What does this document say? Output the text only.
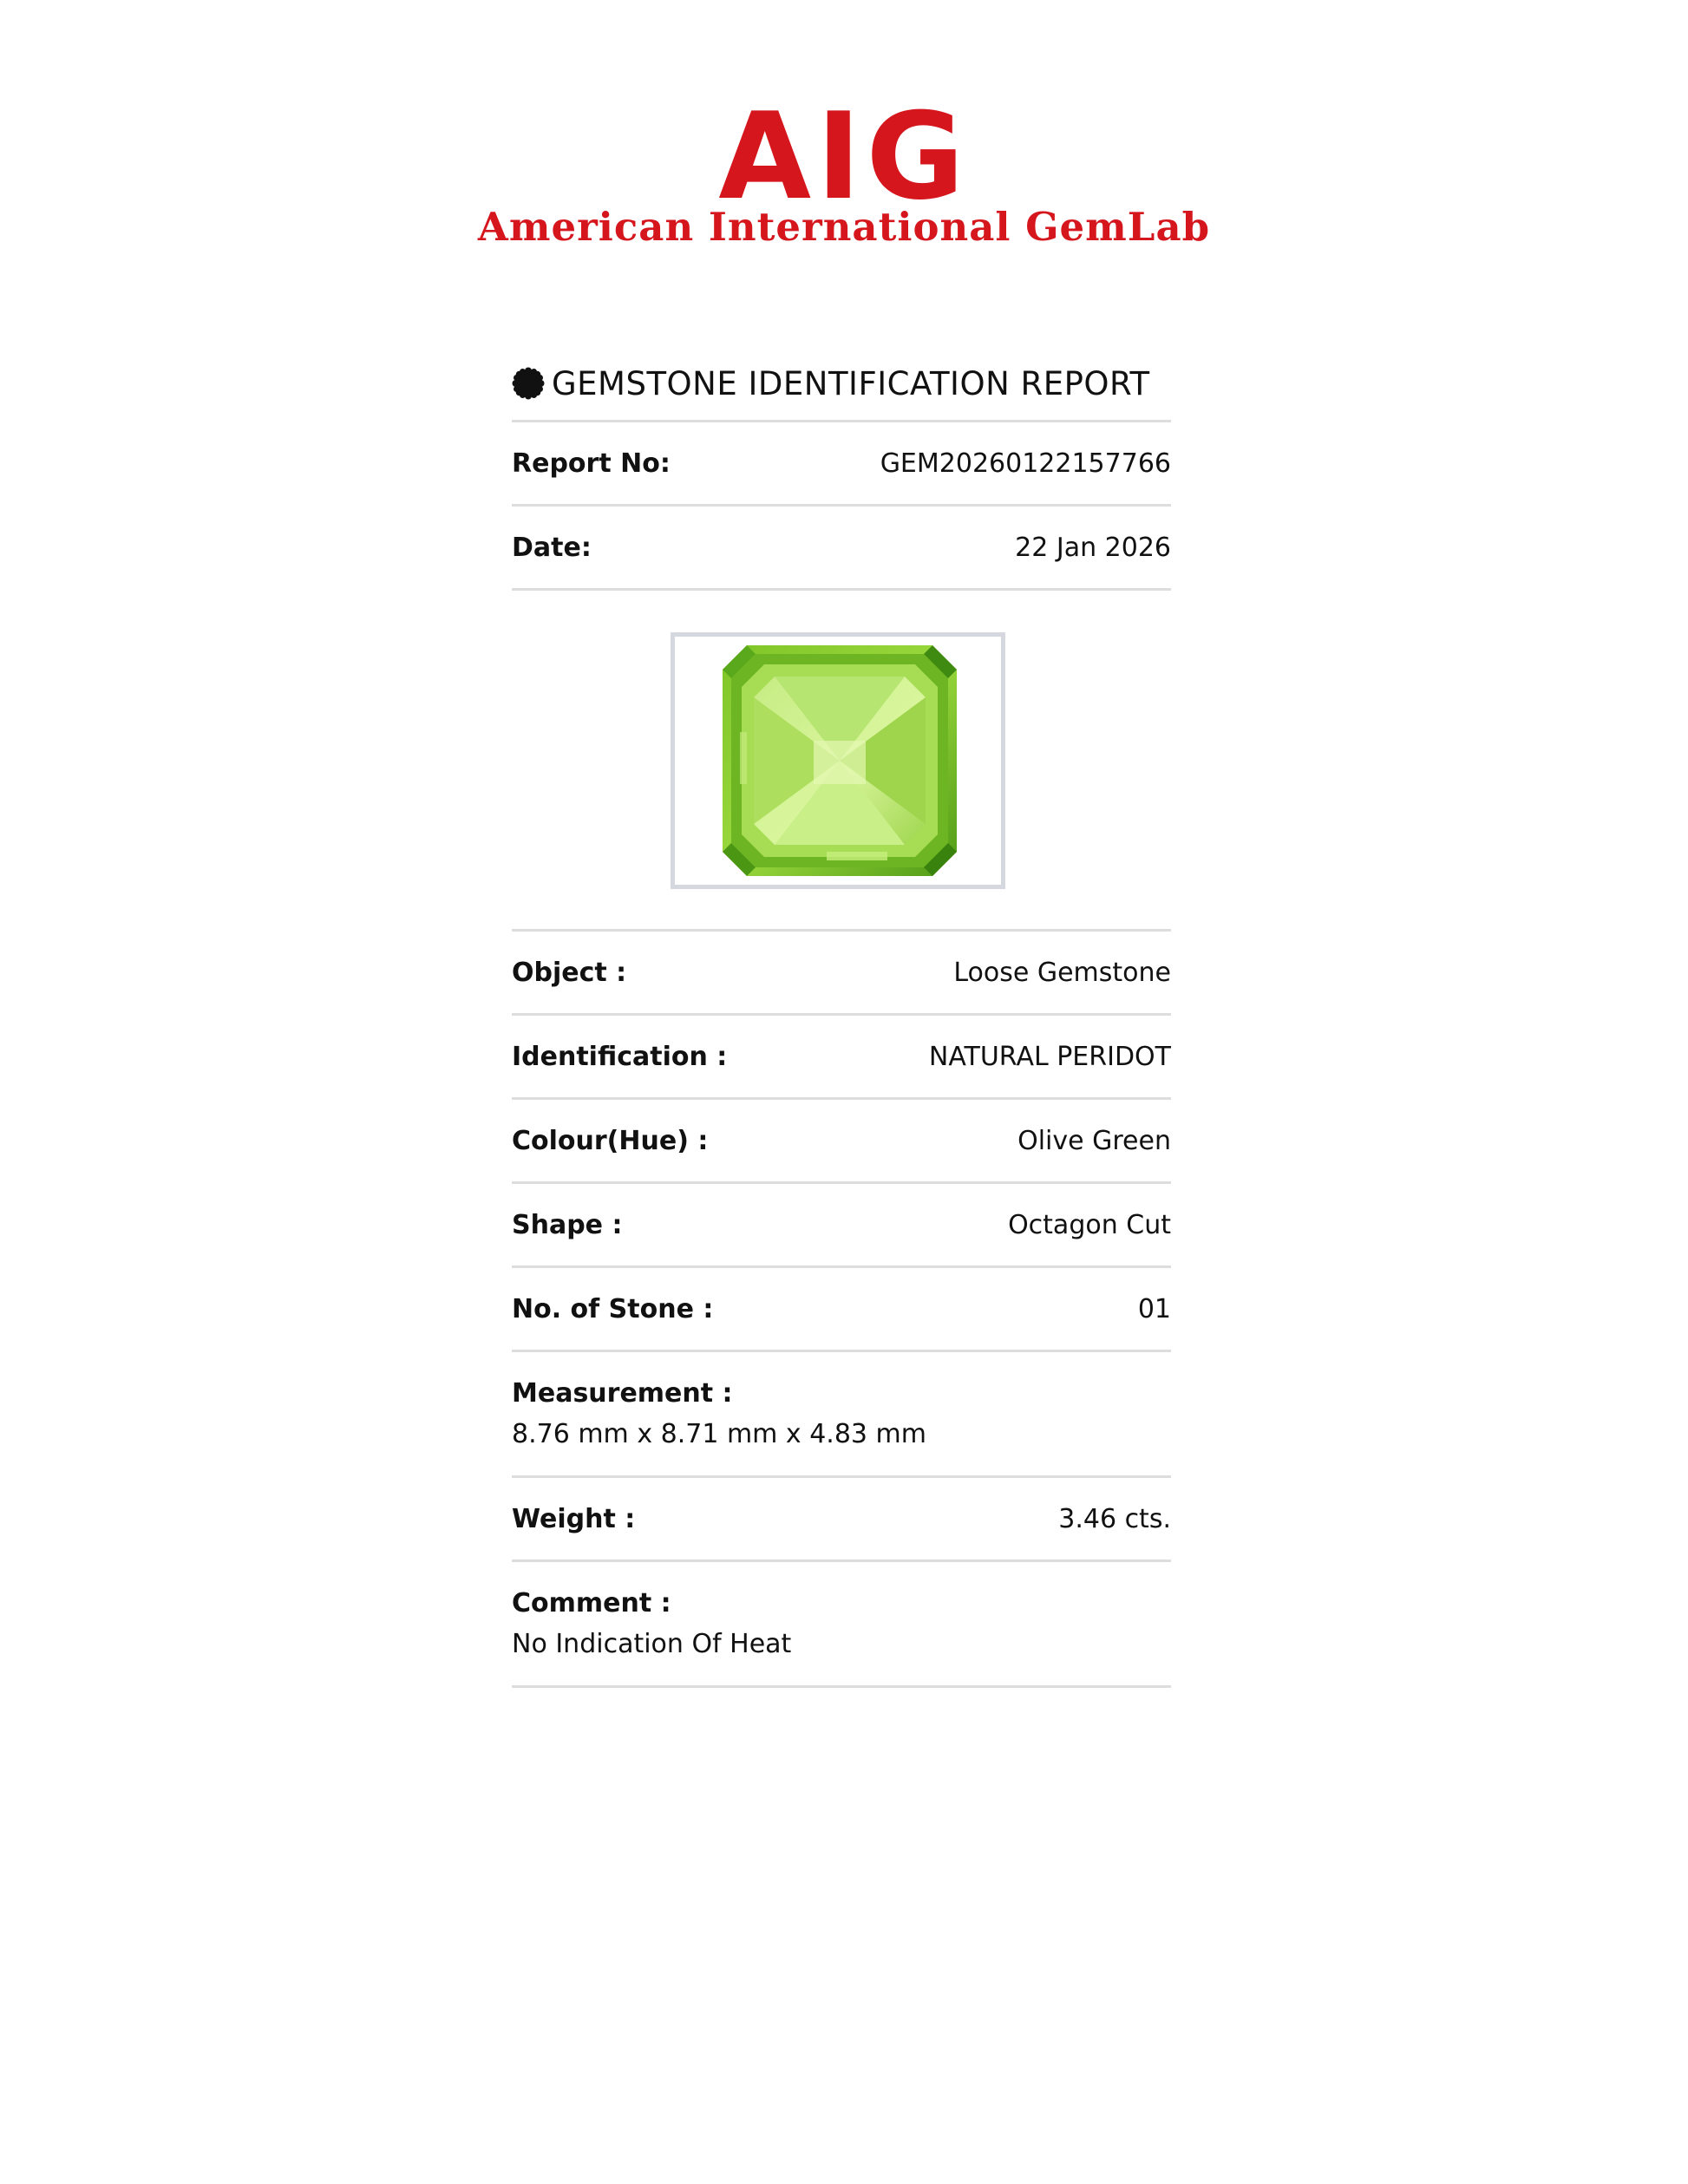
AIG
American International GemLab
GEMSTONE IDENTIFICATION REPORT
Report No:	GEM20260122157766
Date:	22 Jan 2026
Object :	Loose Gemstone
Identification :	NATURAL PERIDOT
Colour(Hue) :	Olive Green
Shape :	Octagon Cut
No. of Stone :	01
Measurement :
8.76 mm x 8.71 mm x 4.83 mm
Weight :	3.46 cts.
Comment :
No Indication Of Heat
